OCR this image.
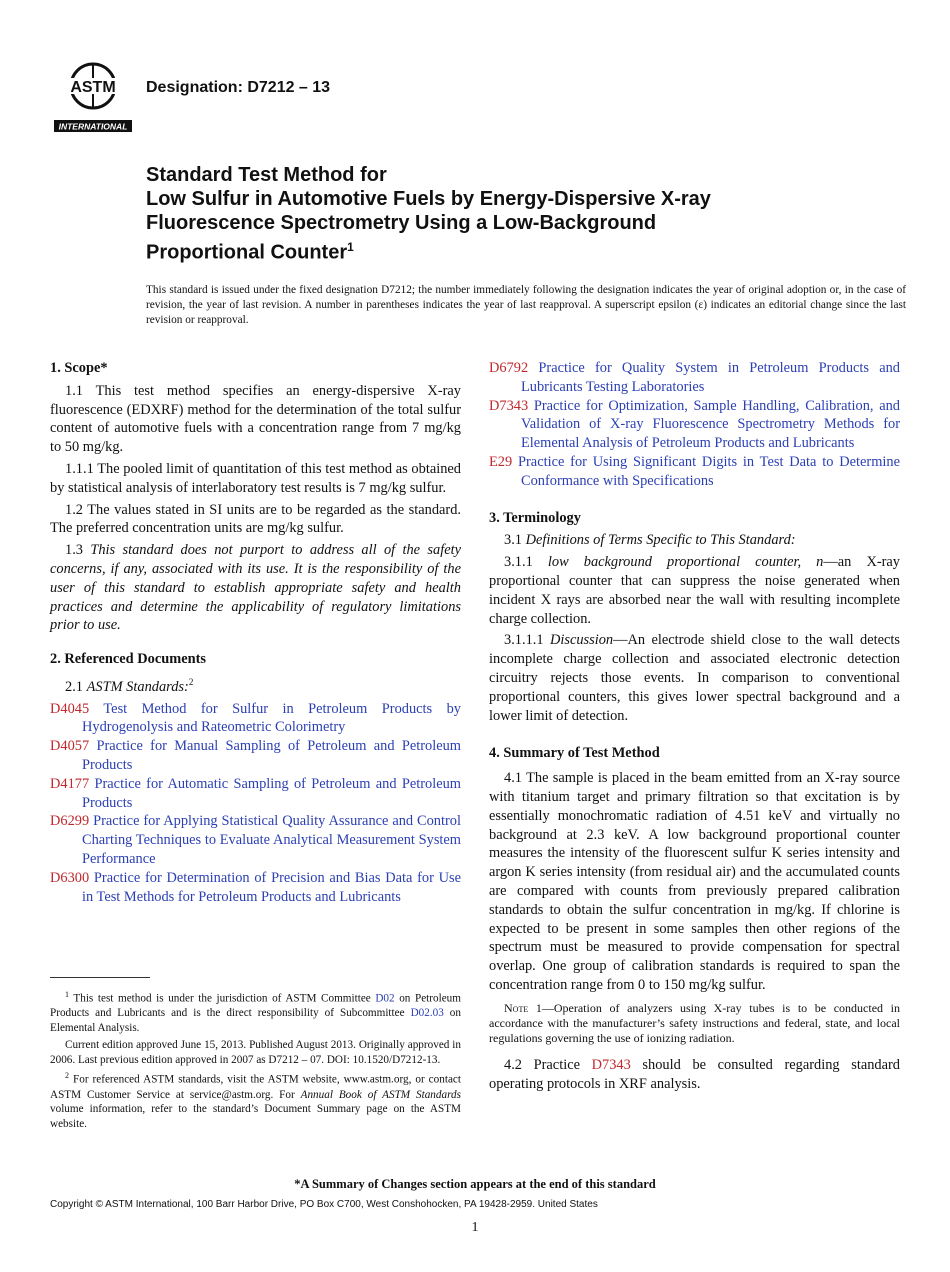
ASTM
INTERNATIONAL
Designation: D7212 – 13
Standard Test Method for
Low Sulfur in Automotive Fuels by Energy-Dispersive X-ray
Fluorescence Spectrometry Using a Low-Background
Proportional Counter$^1$
This standard is issued under the fixed designation D7212; the number immediately following the designation indicates the year of original adoption or, in the case of revision, the year of last revision. A number in parentheses indicates the year of last reapproval. A superscript epsilon (ε) indicates an editorial change since the last revision or reapproval.
1. Scope*

1.1 This test method specifies an energy-dispersive X-ray fluorescence (EDXRF) method for the determination of the total sulfur content of automotive fuels with a concentration range from 7 mg/kg to 50 mg/kg.

1.1.1 The pooled limit of quantitation of this test method as obtained by statistical analysis of interlaboratory test results is 7 mg/kg sulfur.

1.2 The values stated in SI units are to be regarded as the standard. The preferred concentration units are mg/kg sulfur.

1.3 This standard does not purport to address all of the safety concerns, if any, associated with its use. It is the responsibility of the user of this standard to establish appropriate safety and health practices and determine the applicability of regulatory limitations prior to use.

2. Referenced Documents

2.1 ASTM Standards:$^2$

D4045 Test Method for Sulfur in Petroleum Products by Hydrogenolysis and Rateometric Colorimetry
D4057 Practice for Manual Sampling of Petroleum and Petroleum Products
D4177 Practice for Automatic Sampling of Petroleum and Petroleum Products
D6299 Practice for Applying Statistical Quality Assurance and Control Charting Techniques to Evaluate Analytical Measurement System Performance
D6300 Practice for Determination of Precision and Bias Data for Use in Test Methods for Petroleum Products and Lubricants
D6792 Practice for Quality System in Petroleum Products and Lubricants Testing Laboratories
D7343 Practice for Optimization, Sample Handling, Calibration, and Validation of X-ray Fluorescence Spectrometry Methods for Elemental Analysis of Petroleum Products and Lubricants
E29 Practice for Using Significant Digits in Test Data to Determine Conformance with Specifications
3. Terminology

3.1 Definitions of Terms Specific to This Standard:

3.1.1 low background proportional counter, n—an X-ray proportional counter that can suppress the noise generated when incident X rays are absorbed near the wall with resulting incomplete charge collection.

3.1.1.1 Discussion—An electrode shield close to the wall detects incomplete charge collection and associated electronic detection circuitry rejects those events. In comparison to conventional proportional counters, this gives lower spectral background and a lower limit of detection.

4. Summary of Test Method

4.1 The sample is placed in the beam emitted from an X-ray source with titanium target and primary filtration so that excitation is by essentially monochromatic radiation of 4.51 keV and virtually no background at 2.3 keV. A low background proportional counter measures the intensity of the fluorescent sulfur K series intensity and argon K series intensity (from residual air) and the accumulated counts are compared with counts from previously prepared calibration standards to obtain the sulfur concentration in mg/kg. If chlorine is expected to be present in some samples then other regions of the spectrum must be measured to provide compensation for spectral overlap. One group of calibration standards is required to span the concentration range from 0 to 150 mg/kg sulfur.

Note 1—Operation of analyzers using X-ray tubes is to be conducted in accordance with the manufacturer’s safety instructions and federal, state, and local regulations governing the use of ionizing radiation.

4.2 Practice D7343 should be consulted regarding standard operating protocols in XRF analysis.

$^1$ This test method is under the jurisdiction of ASTM Committee D02 on Petroleum Products and Lubricants and is the direct responsibility of Subcommittee D02.03 on Elemental Analysis.

Current edition approved June 15, 2013. Published August 2013. Originally approved in 2006. Last previous edition approved in 2007 as D7212 – 07. DOI: 10.1520/D7212-13.

$^2$ For referenced ASTM standards, visit the ASTM website, www.astm.org, or contact ASTM Customer Service at service@astm.org. For Annual Book of ASTM Standards volume information, refer to the standard’s Document Summary page on the ASTM website.

*A Summary of Changes section appears at the end of this standard
Copyright © ASTM International, 100 Barr Harbor Drive, PO Box C700, West Conshohocken, PA 19428-2959. United States
1
